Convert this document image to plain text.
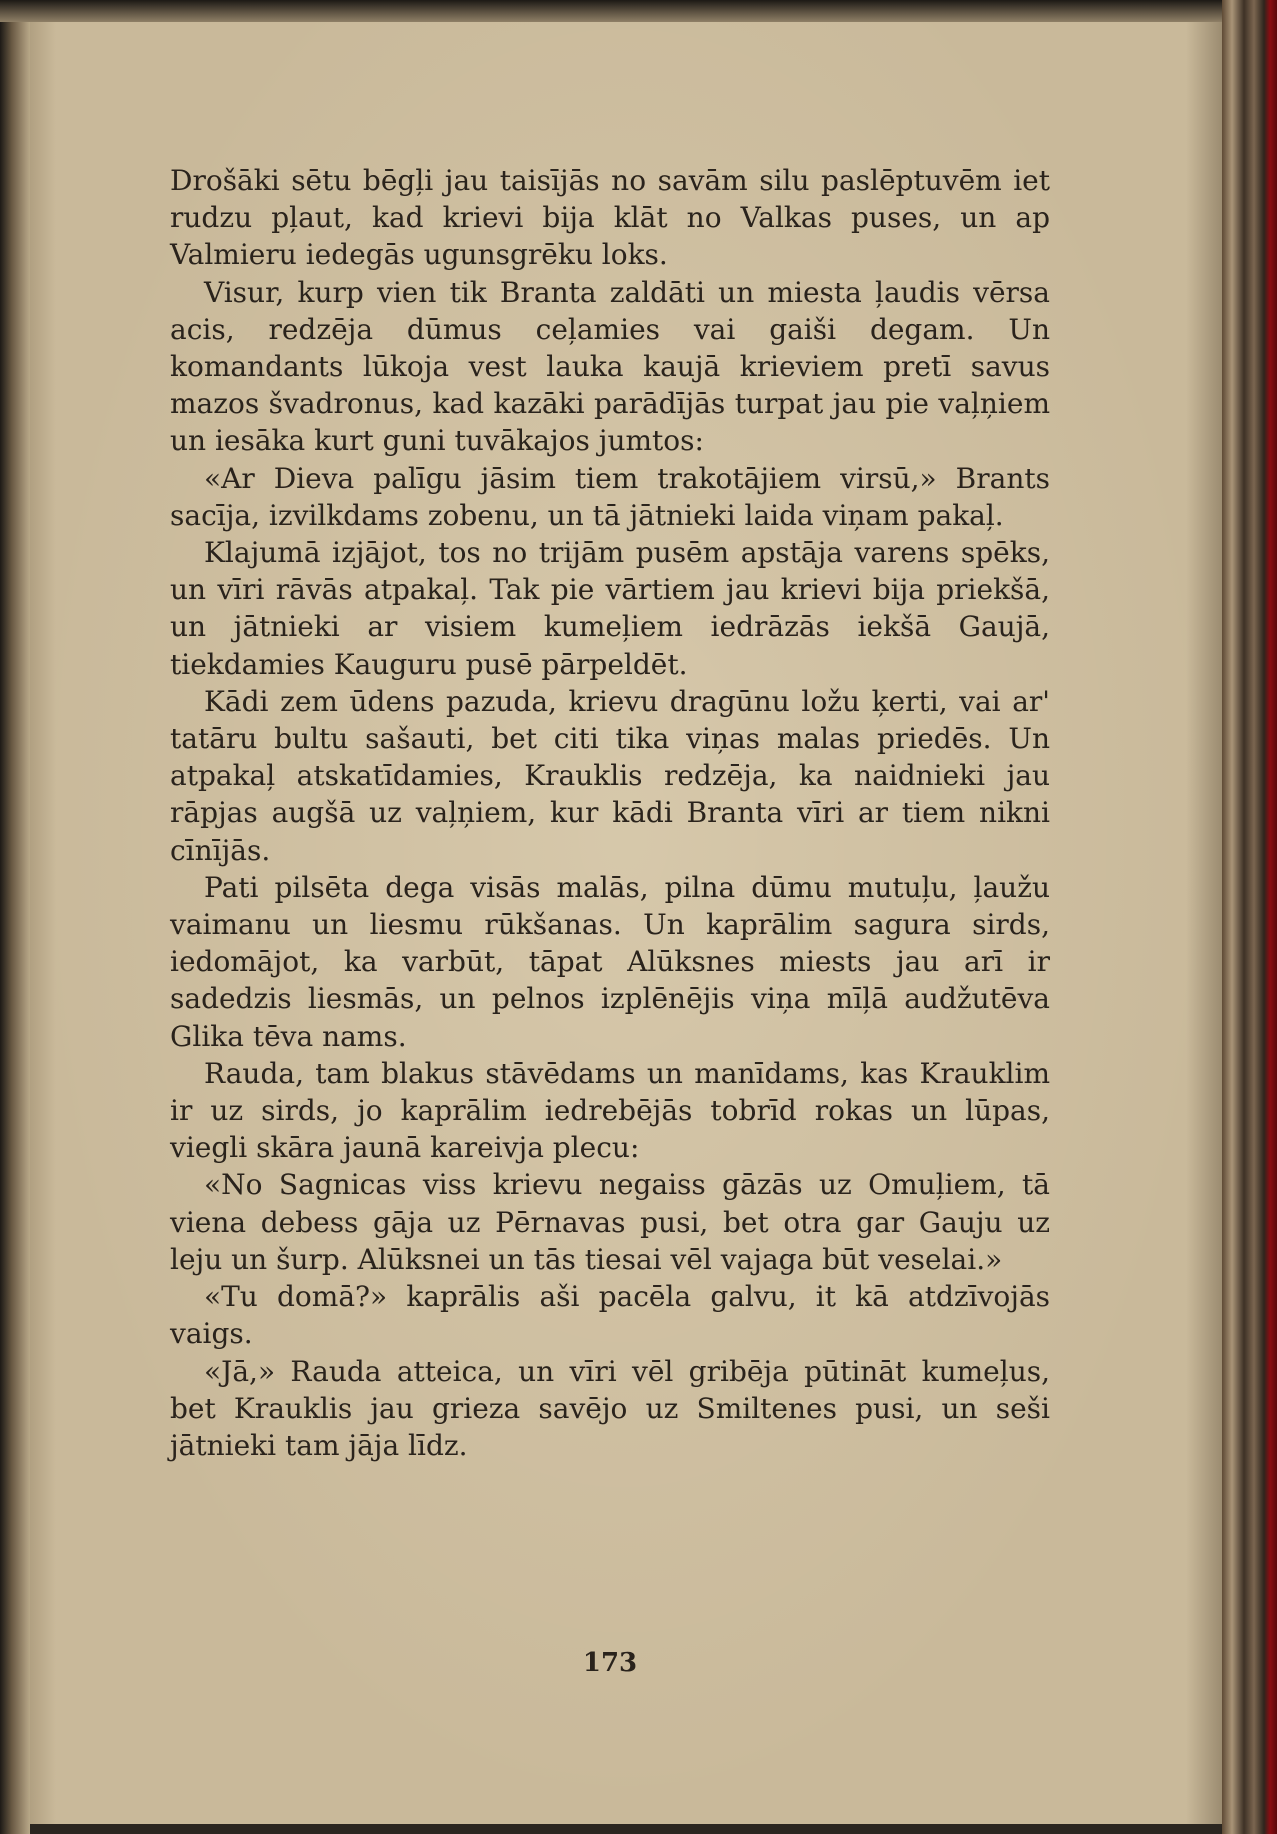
Drošāki sētu bēgļi jau taisījās no savām silu paslēptuvēm iet rudzu pļaut, kad krievi bija klāt no Valkas puses, un ap Valmieru iedegās ugunsgrēku loks.

Visur, kurp vien tik Branta zaldāti un miesta ļaudis vērsa acis, redzēja dūmus ceļamies vai gaiši degam. Un komandants lūkoja vest lauka kaujā krieviem pretī savus mazos švadronus, kad kazāki parādījās turpat jau pie vaļņiem un iesāka kurt guni tuvākajos jumtos:

«Ar Dieva palīgu jāsim tiem trakotājiem virsū,» Brants sacīja, izvilkdams zobenu, un tā jātnieki laida viņam pakaļ.

Klajumā izjājot, tos no trijām pusēm apstāja varens spēks, un vīri rāvās atpakaļ. Tak pie vārtiem jau krievi bija priekšā, un jātnieki ar visiem kumeļiem iedrāzās iekšā Gaujā, tiekdamies Kauguru pusē pārpeldēt.

Kādi zem ūdens pazuda, krievu dragūnu ložu ķerti, vai ar' tatāru bultu sašauti, bet citi tika viņas malas priedēs. Un atpakaļ atskatīdamies, Krauklis redzēja, ka naidnieki jau rāpjas augšā uz vaļņiem, kur kādi Branta vīri ar tiem nikni cīnījās.

Pati pilsēta dega visās malās, pilna dūmu mutuļu, ļaužu vaimanu un liesmu rūkšanas. Un kaprālim sagura sirds, iedomājot, ka varbūt, tāpat Alūksnes miests jau arī ir sadedzis liesmās, un pelnos izplēnējis viņa mīļā audžutēva Glika tēva nams.

Rauda, tam blakus stāvēdams un manīdams, kas Krauklim ir uz sirds, jo kaprālim iedrebējās tobrīd rokas un lūpas, viegli skāra jaunā kareivja plecu:

«No Sagnicas viss krievu negaiss gāzās uz Omuļiem, tā viena debess gāja uz Pērnavas pusi, bet otra gar Gauju uz leju un šurp. Alūksnei un tās tiesai vēl vajaga būt veselai.»

«Tu domā?» kaprālis aši pacēla galvu, it kā atdzīvojās vaigs.

«Jā,» Rauda atteica, un vīri vēl gribēja pūtināt kumeļus, bet Krauklis jau grieza savējo uz Smiltenes pusi, un seši jātnieki tam jāja līdz.

173
